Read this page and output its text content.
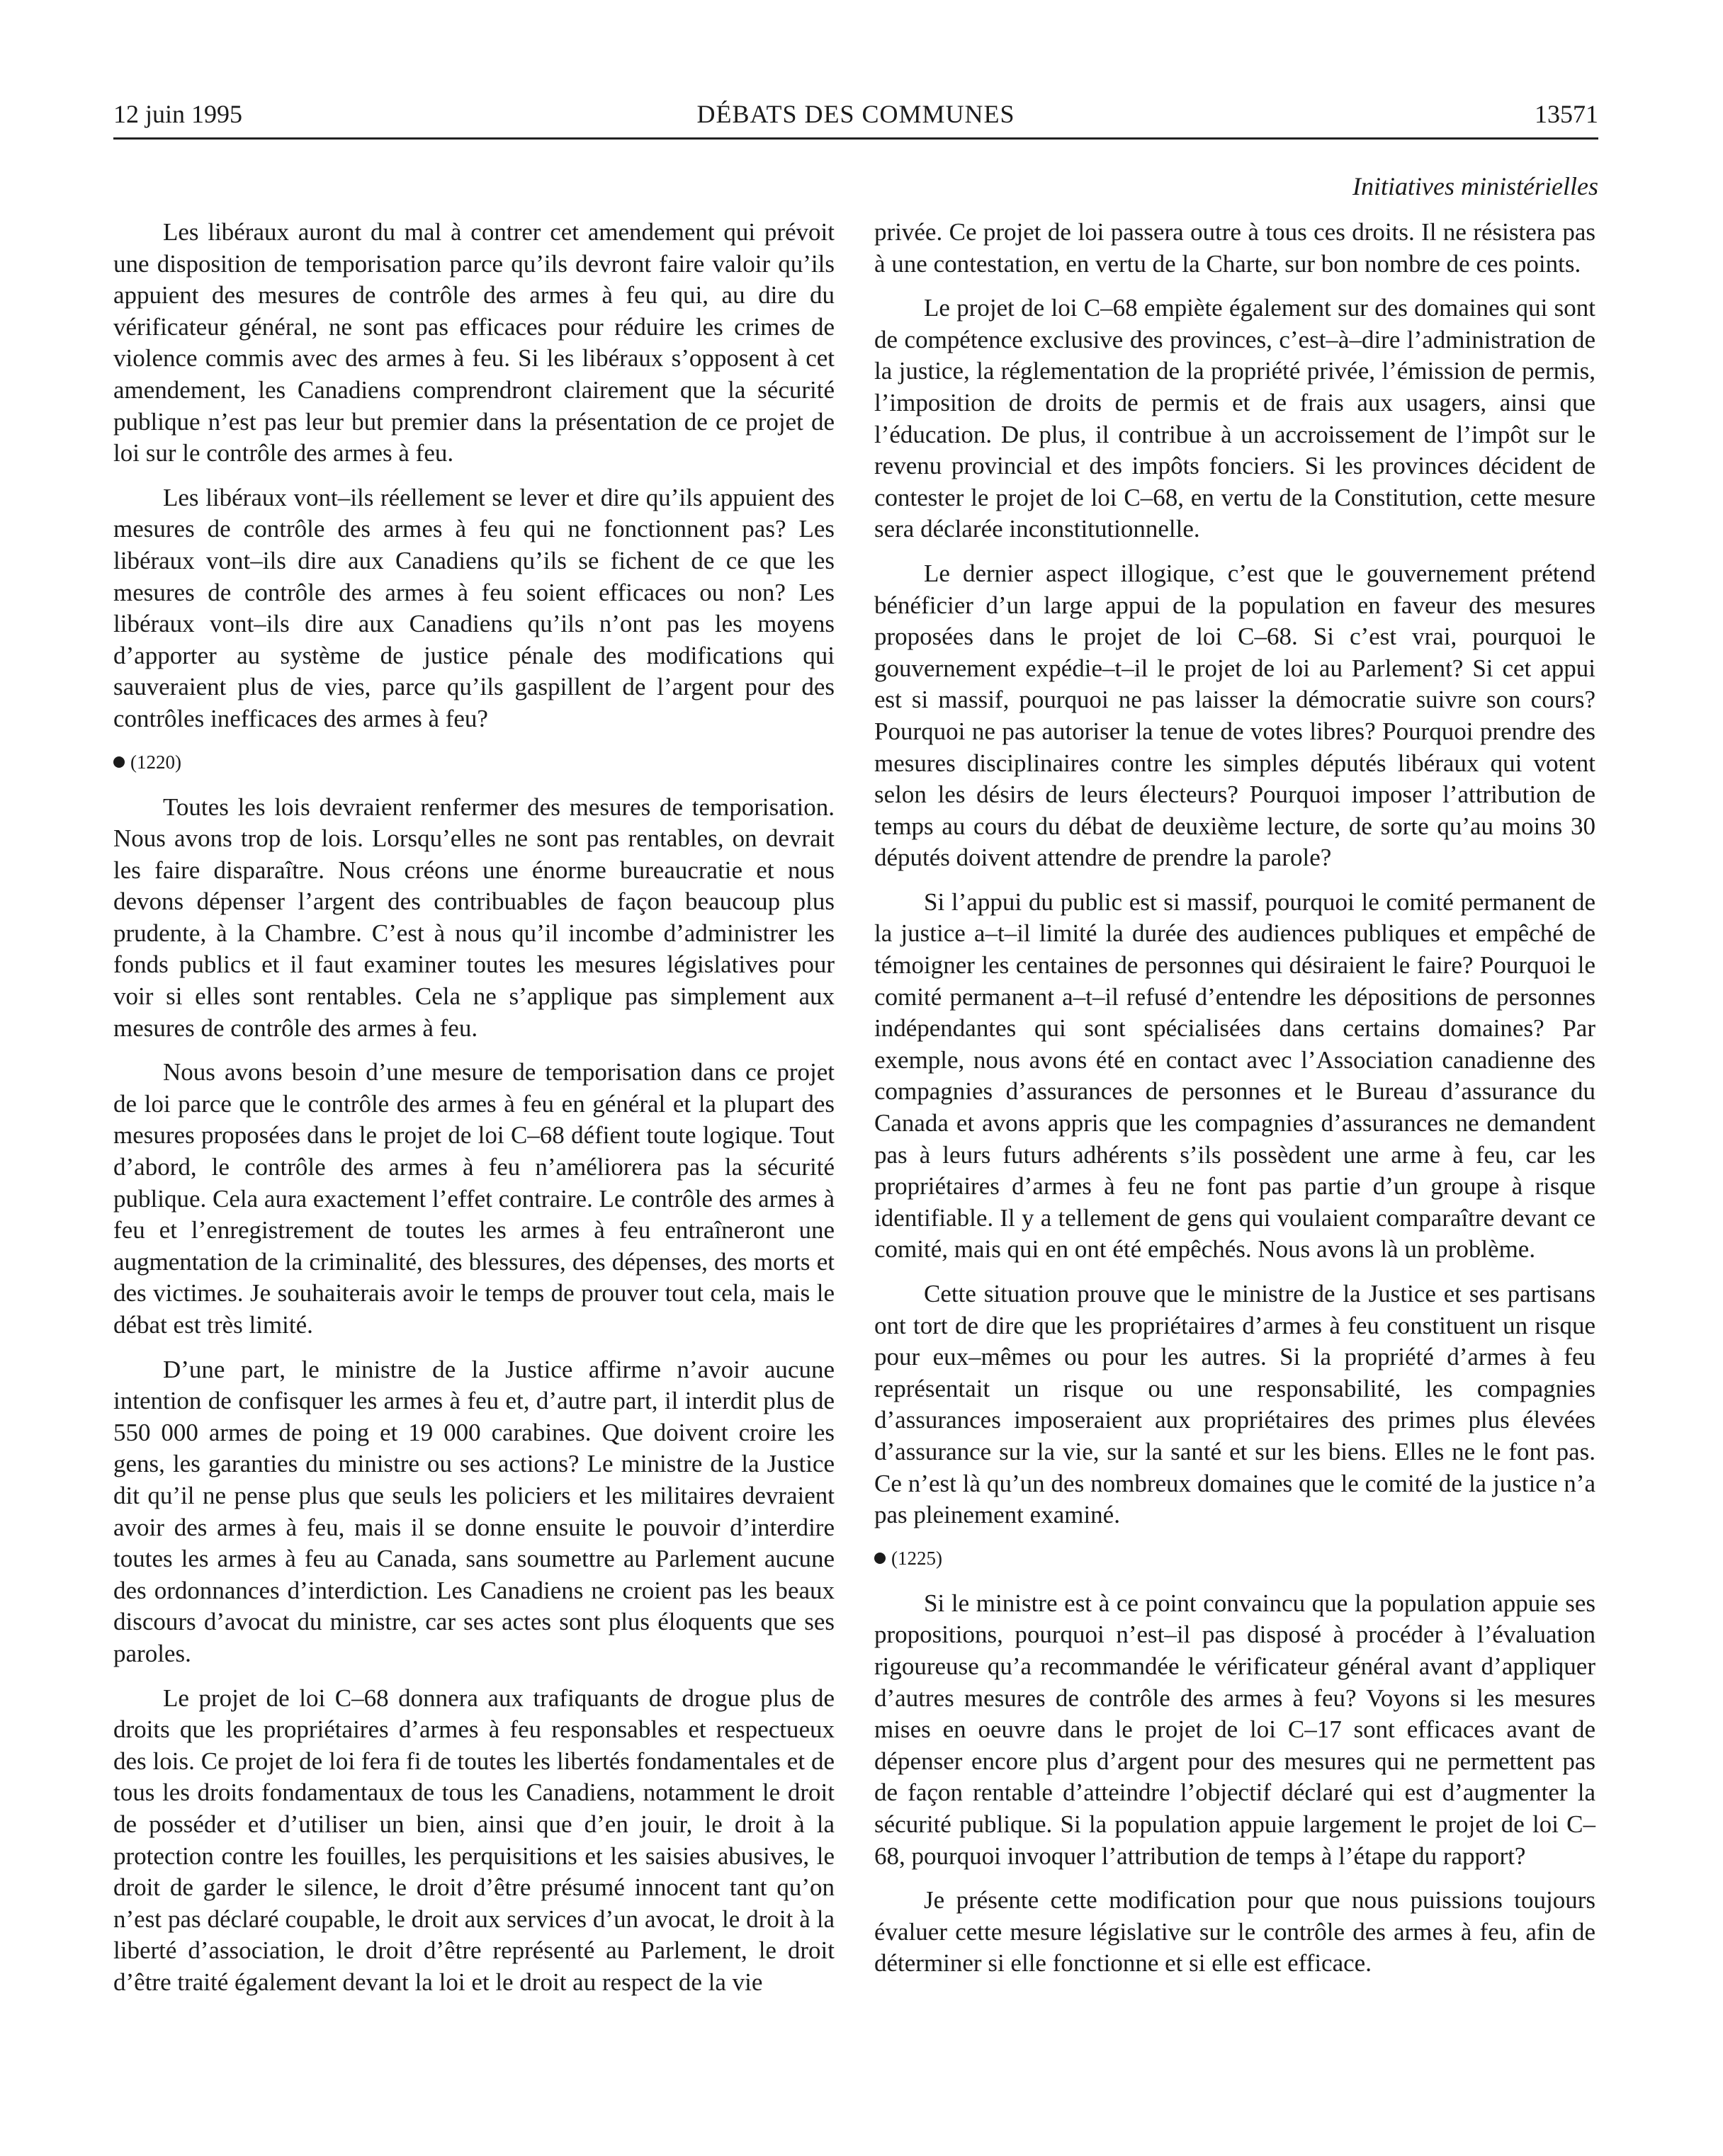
12 juin 1995	DÉBATS DES COMMUNES	13571
Initiatives ministérielles

Les libéraux auront du mal à contrer cet amendement qui prévoit une disposition de temporisation parce qu’ils devront faire valoir qu’ils appuient des mesures de contrôle des armes à feu qui, au dire du vérificateur général, ne sont pas efficaces pour réduire les crimes de violence commis avec des armes à feu. Si les libéraux s’opposent à cet amendement, les Canadiens comprendront clairement que la sécurité publique n’est pas leur but premier dans la présentation de ce projet de loi sur le contrôle des armes à feu.

Les libéraux vont–ils réellement se lever et dire qu’ils appuient des mesures de contrôle des armes à feu qui ne fonctionnent pas? Les libéraux vont–ils dire aux Canadiens qu’ils se fichent de ce que les mesures de contrôle des armes à feu soient efficaces ou non? Les libéraux vont–ils dire aux Canadiens qu’ils n’ont pas les moyens d’apporter au système de justice pénale des modifications qui sauveraient plus de vies, parce qu’ils gaspillent de l’argent pour des contrôles inefficaces des armes à feu?

(1220)

Toutes les lois devraient renfermer des mesures de temporisation. Nous avons trop de lois. Lorsqu’elles ne sont pas rentables, on devrait les faire disparaître. Nous créons une énorme bureaucratie et nous devons dépenser l’argent des contribuables de façon beaucoup plus prudente, à la Chambre. C’est à nous qu’il incombe d’administrer les fonds publics et il faut examiner toutes les mesures législatives pour voir si elles sont rentables. Cela ne s’applique pas simplement aux mesures de contrôle des armes à feu.

Nous avons besoin d’une mesure de temporisation dans ce projet de loi parce que le contrôle des armes à feu en général et la plupart des mesures proposées dans le projet de loi C–68 défient toute logique. Tout d’abord, le contrôle des armes à feu n’améliorera pas la sécurité publique. Cela aura exactement l’effet contraire. Le contrôle des armes à feu et l’enregistrement de toutes les armes à feu entraîneront une augmentation de la criminalité, des blessures, des dépenses, des morts et des victimes. Je souhaiterais avoir le temps de prouver tout cela, mais le débat est très limité.

D’une part, le ministre de la Justice affirme n’avoir aucune intention de confisquer les armes à feu et, d’autre part, il interdit plus de 550 000 armes de poing et 19 000 carabines. Que doivent croire les gens, les garanties du ministre ou ses actions? Le ministre de la Justice dit qu’il ne pense plus que seuls les policiers et les militaires devraient avoir des armes à feu, mais il se donne ensuite le pouvoir d’interdire toutes les armes à feu au Canada, sans soumettre au Parlement aucune des ordonnances d’interdiction. Les Canadiens ne croient pas les beaux discours d’avocat du ministre, car ses actes sont plus éloquents que ses paroles.

Le projet de loi C–68 donnera aux trafiquants de drogue plus de droits que les propriétaires d’armes à feu responsables et respectueux des lois. Ce projet de loi fera fi de toutes les libertés fondamentales et de tous les droits fondamentaux de tous les Canadiens, notamment le droit de posséder et d’utiliser un bien, ainsi que d’en jouir, le droit à la protection contre les fouilles, les perquisitions et les saisies abusives, le droit de garder le silence, le droit d’être présumé innocent tant qu’on n’est pas déclaré coupable, le droit aux services d’un avocat, le droit à la liberté d’association, le droit d’être représenté au Parlement, le droit d’être traité également devant la loi et le droit au respect de la vie

privée. Ce projet de loi passera outre à tous ces droits. Il ne résistera pas à une contestation, en vertu de la Charte, sur bon nombre de ces points.

Le projet de loi C–68 empiète également sur des domaines qui sont de compétence exclusive des provinces, c’est–à–dire l’administration de la justice, la réglementation de la propriété privée, l’émission de permis, l’imposition de droits de permis et de frais aux usagers, ainsi que l’éducation. De plus, il contribue à un accroissement de l’impôt sur le revenu provincial et des impôts fonciers. Si les provinces décident de contester le projet de loi C–68, en vertu de la Constitution, cette mesure sera déclarée inconstitutionnelle.

Le dernier aspect illogique, c’est que le gouvernement prétend bénéficier d’un large appui de la population en faveur des mesures proposées dans le projet de loi C–68. Si c’est vrai, pourquoi le gouvernement expédie–t–il le projet de loi au Parlement? Si cet appui est si massif, pourquoi ne pas laisser la démocratie suivre son cours? Pourquoi ne pas autoriser la tenue de votes libres? Pourquoi prendre des mesures disciplinaires contre les simples députés libéraux qui votent selon les désirs de leurs électeurs? Pourquoi imposer l’attribution de temps au cours du débat de deuxième lecture, de sorte qu’au moins 30 députés doivent attendre de prendre la parole?

Si l’appui du public est si massif, pourquoi le comité permanent de la justice a–t–il limité la durée des audiences publiques et empêché de témoigner les centaines de personnes qui désiraient le faire? Pourquoi le comité permanent a–t–il refusé d’entendre les dépositions de personnes indépendantes qui sont spécialisées dans certains domaines? Par exemple, nous avons été en contact avec l’Association canadienne des compagnies d’assurances de personnes et le Bureau d’assurance du Canada et avons appris que les compagnies d’assurances ne demandent pas à leurs futurs adhérents s’ils possèdent une arme à feu, car les propriétaires d’armes à feu ne font pas partie d’un groupe à risque identifiable. Il y a tellement de gens qui voulaient comparaître devant ce comité, mais qui en ont été empêchés. Nous avons là un problème.

Cette situation prouve que le ministre de la Justice et ses partisans ont tort de dire que les propriétaires d’armes à feu constituent un risque pour eux–mêmes ou pour les autres. Si la propriété d’armes à feu représentait un risque ou une responsabilité, les compagnies d’assurances imposeraient aux propriétaires des primes plus élevées d’assurance sur la vie, sur la santé et sur les biens. Elles ne le font pas. Ce n’est là qu’un des nombreux domaines que le comité de la justice n’a pas pleinement examiné.

(1225)

Si le ministre est à ce point convaincu que la population appuie ses propositions, pourquoi n’est–il pas disposé à procéder à l’évaluation rigoureuse qu’a recommandée le vérificateur général avant d’appliquer d’autres mesures de contrôle des armes à feu? Voyons si les mesures mises en oeuvre dans le projet de loi C–17 sont efficaces avant de dépenser encore plus d’argent pour des mesures qui ne permettent pas de façon rentable d’atteindre l’objectif déclaré qui est d’augmenter la sécurité publique. Si la population appuie largement le projet de loi C–68, pourquoi invoquer l’attribution de temps à l’étape du rapport?

Je présente cette modification pour que nous puissions toujours évaluer cette mesure législative sur le contrôle des armes à feu, afin de déterminer si elle fonctionne et si elle est efficace.
